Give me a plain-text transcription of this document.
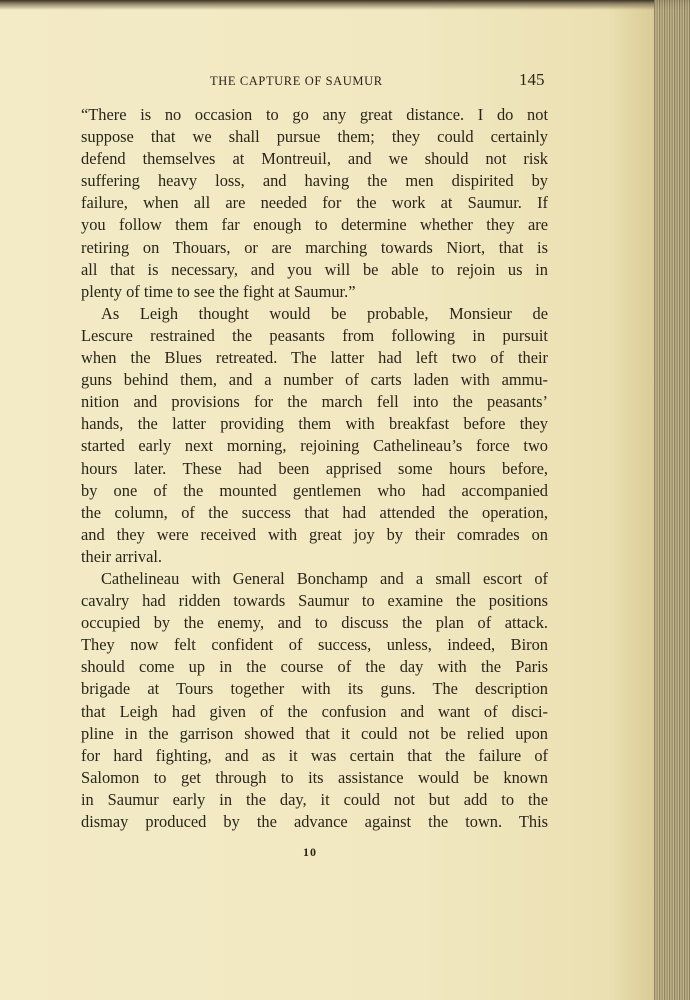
THE CAPTURE OF SAUMUR	145
“There is no occasion to go any great distance. I do not
suppose that we shall pursue them; they could certainly
defend themselves at Montreuil, and we should not risk
suffering heavy loss, and having the men dispirited by
failure, when all are needed for the work at Saumur. If
you follow them far enough to determine whether they are
retiring on Thouars, or are marching towards Niort, that is
all that is necessary, and you will be able to rejoin us in
plenty of time to see the fight at Saumur.”
As Leigh thought would be probable, Monsieur de
Lescure restrained the peasants from following in pursuit
when the Blues retreated. The latter had left two of their
guns behind them, and a number of carts laden with ammu-
nition and provisions for the march fell into the peasants’
hands, the latter providing them with breakfast before they
started early next morning, rejoining Cathelineau’s force two
hours later. These had been apprised some hours before,
by one of the mounted gentlemen who had accompanied
the column, of the success that had attended the operation,
and they were received with great joy by their comrades on
their arrival.
Cathelineau with General Bonchamp and a small escort of
cavalry had ridden towards Saumur to examine the positions
occupied by the enemy, and to discuss the plan of attack.
They now felt confident of success, unless, indeed, Biron
should come up in the course of the day with the Paris
brigade at Tours together with its guns. The description
that Leigh had given of the confusion and want of disci-
pline in the garrison showed that it could not be relied upon
for hard fighting, and as it was certain that the failure of
Salomon to get through to its assistance would be known
in Saumur early in the day, it could not but add to the
dismay produced by the advance against the town. This
10
